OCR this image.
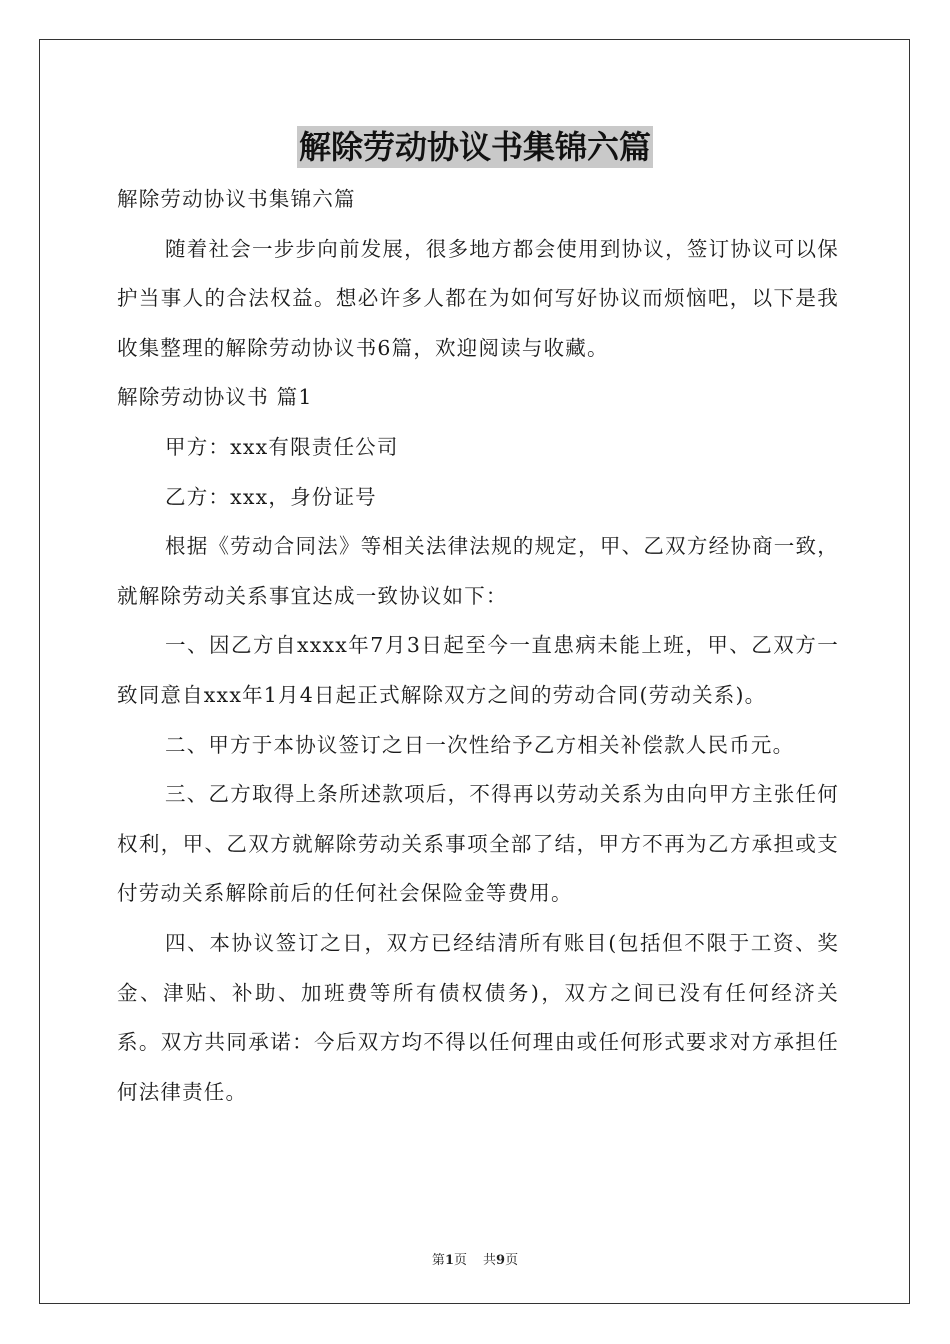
解除劳动协议书集锦六篇

解除劳动协议书集锦六篇

随着社会一步步向前发展，很多地方都会使用到协议，签订协议可以保护当事人的合法权益。想必许多人都在为如何写好协议而烦恼吧，以下是我收集整理的解除劳动协议书6篇，欢迎阅读与收藏。

解除劳动协议书 篇1

甲方：xxx有限责任公司

乙方：xxx，身份证号

根据《劳动合同法》等相关法律法规的规定，甲、乙双方经协商一致，就解除劳动关系事宜达成一致协议如下：

一、因乙方自xxxx年7月3日起至今一直患病未能上班，甲、乙双方一致同意自xxx年1月4日起正式解除双方之间的劳动合同(劳动关系)。

二、甲方于本协议签订之日一次性给予乙方相关补偿款人民币元。

三、乙方取得上条所述款项后，不得再以劳动关系为由向甲方主张任何权利，甲、乙双方就解除劳动关系事项全部了结，甲方不再为乙方承担或支付劳动关系解除前后的任何社会保险金等费用。

四、本协议签订之日，双方已经结清所有账目(包括但不限于工资、奖金、津贴、补助、加班费等所有债权债务)，双方之间已没有任何经济关系。双方共同承诺：今后双方均不得以任何理由或任何形式要求对方承担任何法律责任。

第1页 共9页
